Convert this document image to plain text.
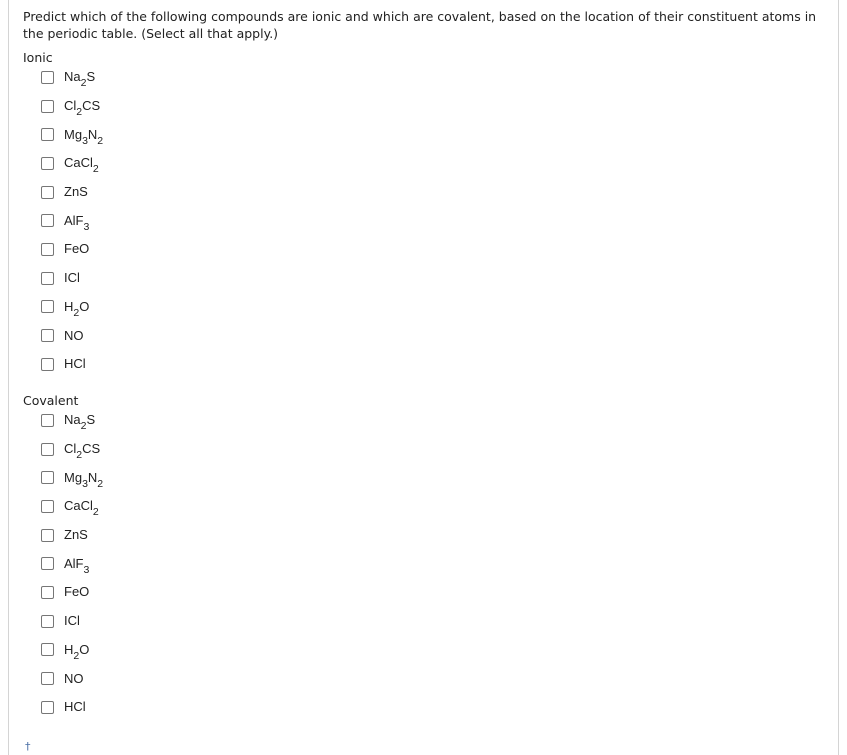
Predict which of the following compounds are ionic and which are covalent, based on the location of their constituent atoms in the periodic table. (Select all that apply.)

Ionic

$Na_2S$
$Cl_2CS$
$Mg_3N_2$
CaCl$_2$
ZnS
AlF$_3$
FeO
ICl
$H_2O$
NO
HCl

Covalent

$Na_2S$
$Cl_2CS$
$Mg_3N_2$
CaCl$_2$
ZnS
AlF$_3$
FeO
ICl
$H_2O$
NO
HCl
†
